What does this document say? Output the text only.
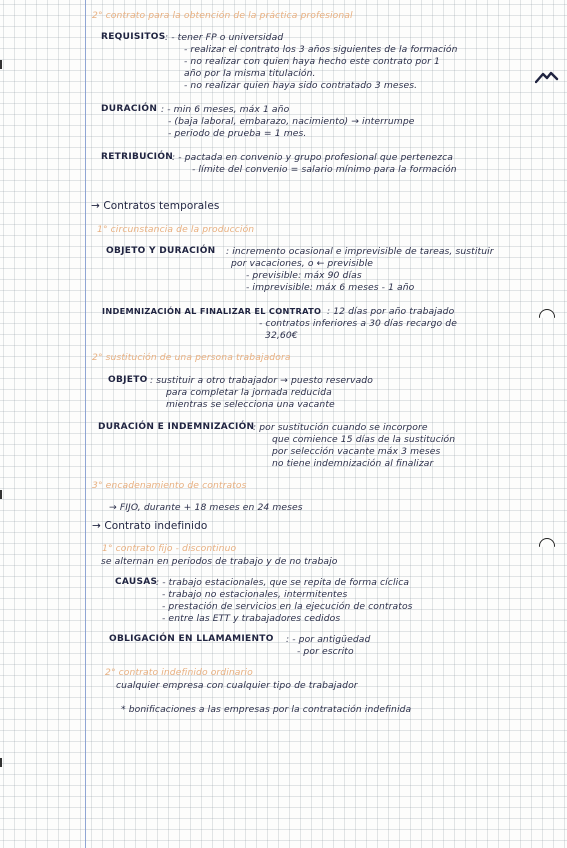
2° contrato para la obtención de la práctica profesional
REQUISITOS : - tener FP o universidad
- realizar el contrato los 3 años siguientes de la formación
- no realizar con quien haya hecho este contrato por 1
año por la misma titulación.
- no realizar quien haya sido contratado 3 meses.
DURACIÓN : - min 6 meses, máx 1 año
- (baja laboral, embarazo, nacimiento) → interrumpe
- periodo de prueba = 1 mes.
RETRIBUCIÓN
: - pactada en convenio y grupo profesional que pertenezca
- límite del convenio = salario mínimo para la formación
→ Contratos temporales
1° circunstancia de la producción
OBJETO Y DURACIÓN : incremento ocasional e imprevisible de tareas, sustituir
por vacaciones, o ← previsible
- previsible: máx 90 días
- imprevisible: máx 6 meses - 1 año
INDEMNIZACIÓN AL FINALIZAR EL CONTRATO : 12 días por año trabajado
- contratos inferiores a 30 días recargo de
32,60€
2° sustitución de una persona trabajadora
OBJETO : sustituir a otro trabajador → puesto reservado
para completar la jornada reducida
mientras se selecciona una vacante
DURACIÓN E INDEMNIZACIÓN
: por sustitución cuando se incorpore
que comience 15 días de la sustitución
por selección vacante máx 3 meses
no tiene indemnización al finalizar
3° encadenamiento de contratos
→ FIJO, durante + 18 meses en 24 meses
→ Contrato indefinido
1° contrato fijo - discontinuo
se alternan en periodos de trabajo y de no trabajo
CAUSAS
: - trabajo estacionales, que se repita de forma cíclica
- trabajo no estacionales, intermitentes
- prestación de servicios en la ejecución de contratos
- entre las ETT y trabajadores cedidos
OBLIGACIÓN EN LLAMAMIENTO : - por antigüedad
- por escrito
2° contrato indefinido ordinario
cualquier empresa con cualquier tipo de trabajador
* bonificaciones a las empresas por la contratación indefinida
